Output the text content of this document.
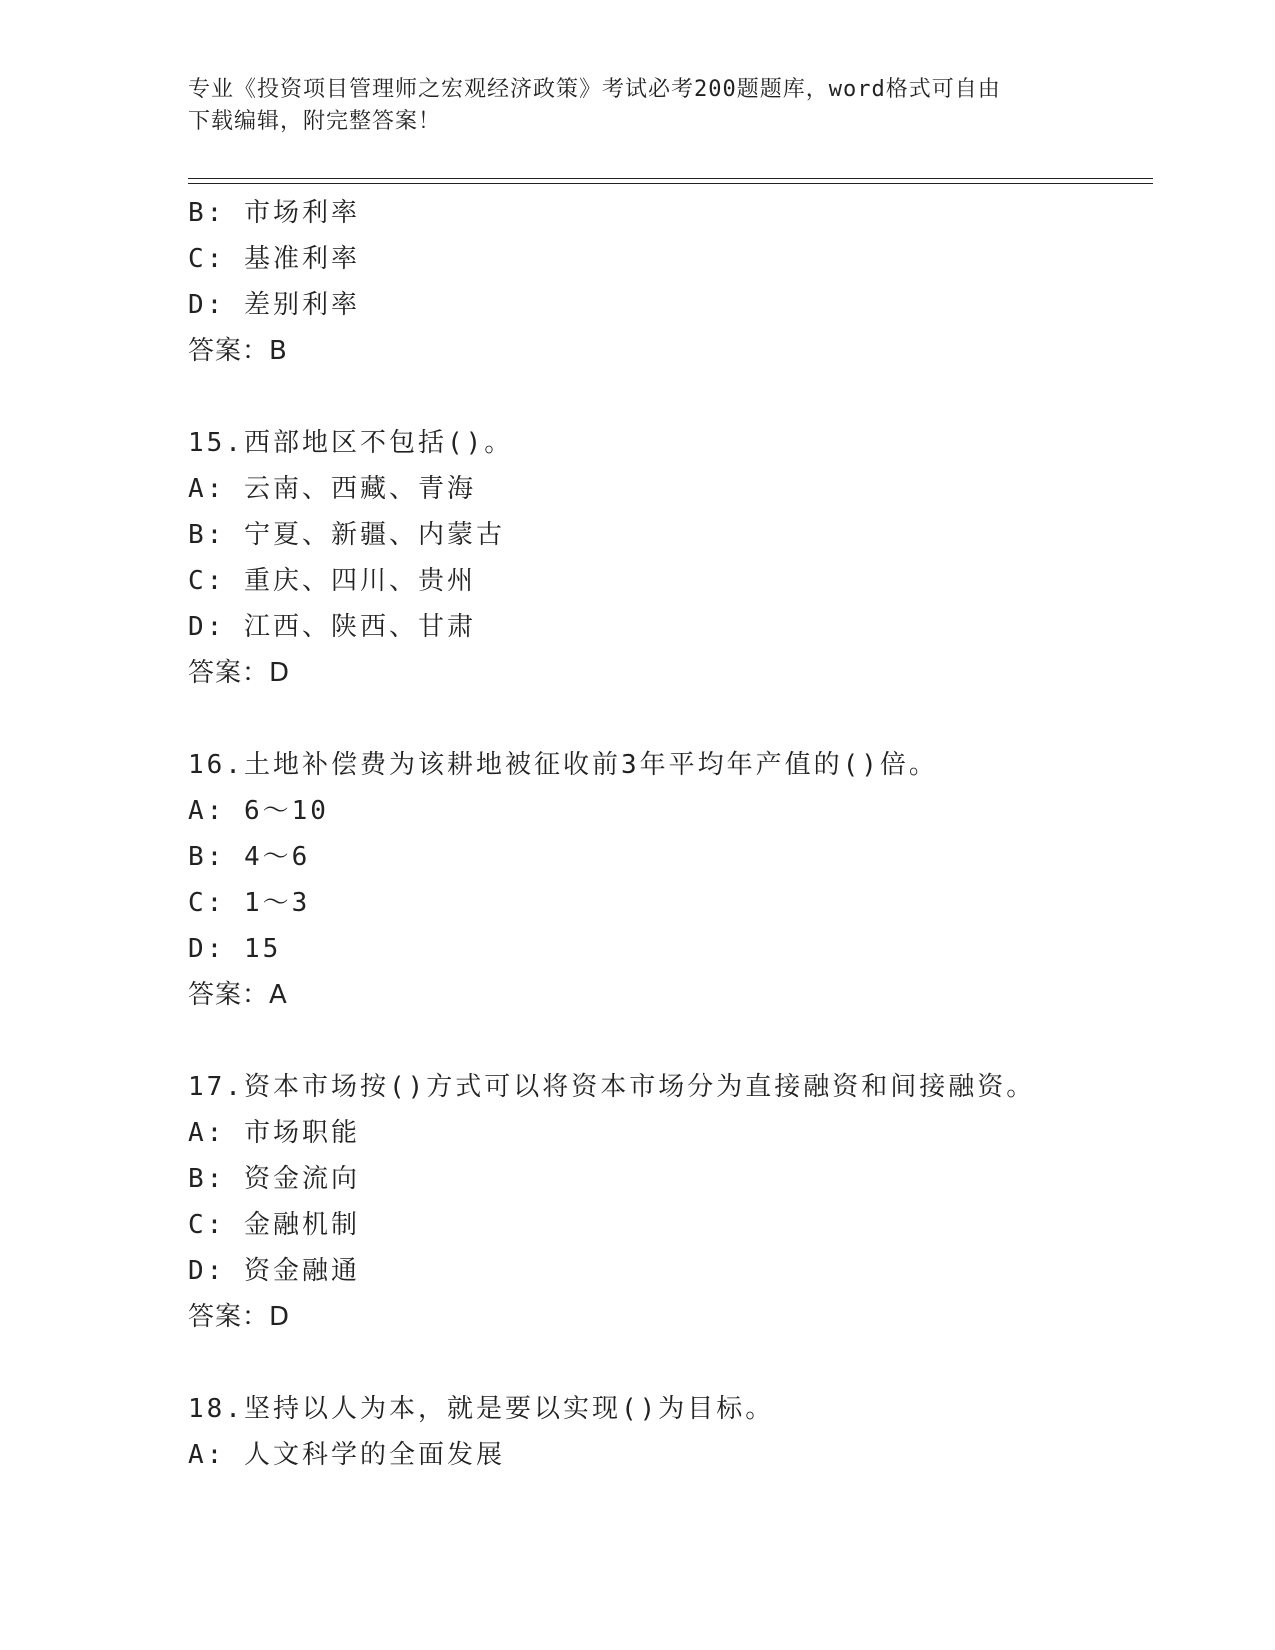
专业《投资项目管理师之宏观经济政策》考试必考200题题库，word格式可自由
下载编辑，附完整答案！
B: 市场利率
C: 基准利率
D: 差别利率
答案：B
15.西部地区不包括()。
A: 云南、西藏、青海
B: 宁夏、新疆、内蒙古
C: 重庆、四川、贵州
D: 江西、陕西、甘肃
答案：D
16.土地补偿费为该耕地被征收前3年平均年产值的()倍。
A: 6～10
B: 4～6
C: 1～3
D: 15
答案：A
17.资本市场按()方式可以将资本市场分为直接融资和间接融资。
A: 市场职能
B: 资金流向
C: 金融机制
D: 资金融通
答案：D
18.坚持以人为本，就是要以实现()为目标。
A: 人文科学的全面发展
